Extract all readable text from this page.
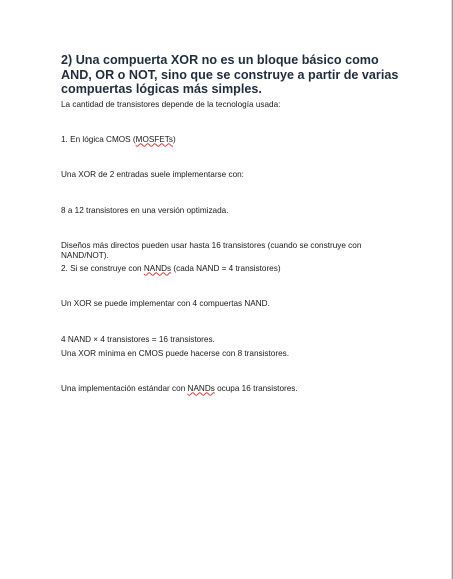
2) Una compuerta XOR no es un bloque básico como AND, OR o NOT, sino que se construye a partir de varias compuertas lógicas más simples.

La cantidad de transistores depende de la tecnología usada:

1. En lógica CMOS (MOSFETs)

Una XOR de 2 entradas suele implementarse con:

8 a 12 transistores en una versión optimizada.

Diseños más directos pueden usar hasta 16 transistores (cuando se construye con NAND/NOT).

2. Si se construye con NANDs (cada NAND = 4 transistores)

Un XOR se puede implementar con 4 compuertas NAND.

4 NAND × 4 transistores = 16 transistores.

Una XOR mínima en CMOS puede hacerse con 8 transistores.

Una implementación estándar con NANDs ocupa 16 transistores.
